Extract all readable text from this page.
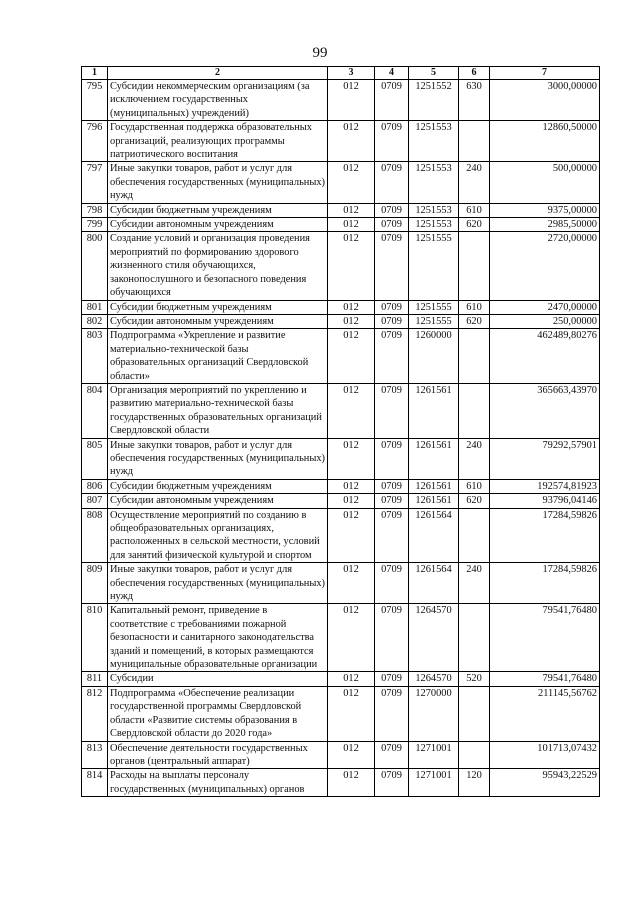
99
1	2	3	4	5	6	7
795	Субсидии некоммерческим организациям (за исключением государственных (муниципальных) учреждений)	012	0709	1251552	630	3000,00000
796	Государственная поддержка образовательных организаций, реализующих программы патриотического воспитания	012	0709	1251553		12860,50000
797	Иные закупки товаров, работ и услуг для обеспечения государственных (муниципальных) нужд	012	0709	1251553	240	500,00000
798	Субсидии бюджетным учреждениям	012	0709	1251553	610	9375,00000
799	Субсидии автономным учреждениям	012	0709	1251553	620	2985,50000
800	Создание условий и организация проведения мероприятий по формированию здорового жизненного стиля обучающихся, законопослушного и безопасного поведения обучающихся	012	0709	1251555		2720,00000
801	Субсидии бюджетным учреждениям	012	0709	1251555	610	2470,00000
802	Субсидии автономным учреждениям	012	0709	1251555	620	250,00000
803	Подпрограмма «Укрепление и развитие материально-технической базы образовательных организаций Свердловской области»	012	0709	1260000		462489,80276
804	Организация мероприятий по укреплению и развитию материально-технической базы государственных образовательных организаций Свердловской области	012	0709	1261561		365663,43970
805	Иные закупки товаров, работ и услуг для обеспечения государственных (муниципальных) нужд	012	0709	1261561	240	79292,57901
806	Субсидии бюджетным учреждениям	012	0709	1261561	610	192574,81923
807	Субсидии автономным учреждениям	012	0709	1261561	620	93796,04146
808	Осуществление мероприятий по созданию в общеобразовательных организациях, расположенных в сельской местности, условий для занятий физической культурой и спортом	012	0709	1261564		17284,59826
809	Иные закупки товаров, работ и услуг для обеспечения государственных (муниципальных) нужд	012	0709	1261564	240	17284,59826
810	Капитальный ремонт, приведение в соответствие с требованиями пожарной безопасности и санитарного законодательства зданий и помещений, в которых размещаются муниципальные образовательные организации	012	0709	1264570		79541,76480
811	Субсидии	012	0709	1264570	520	79541,76480
812	Подпрограмма «Обеспечение реализации государственной программы Свердловской области «Развитие системы образования в Свердловской области до 2020 года»	012	0709	1270000		211145,56762
813	Обеспечение деятельности государственных органов (центральный аппарат)	012	0709	1271001		101713,07432
814	Расходы на выплаты персоналу государственных (муниципальных) органов	012	0709	1271001	120	95943,22529
